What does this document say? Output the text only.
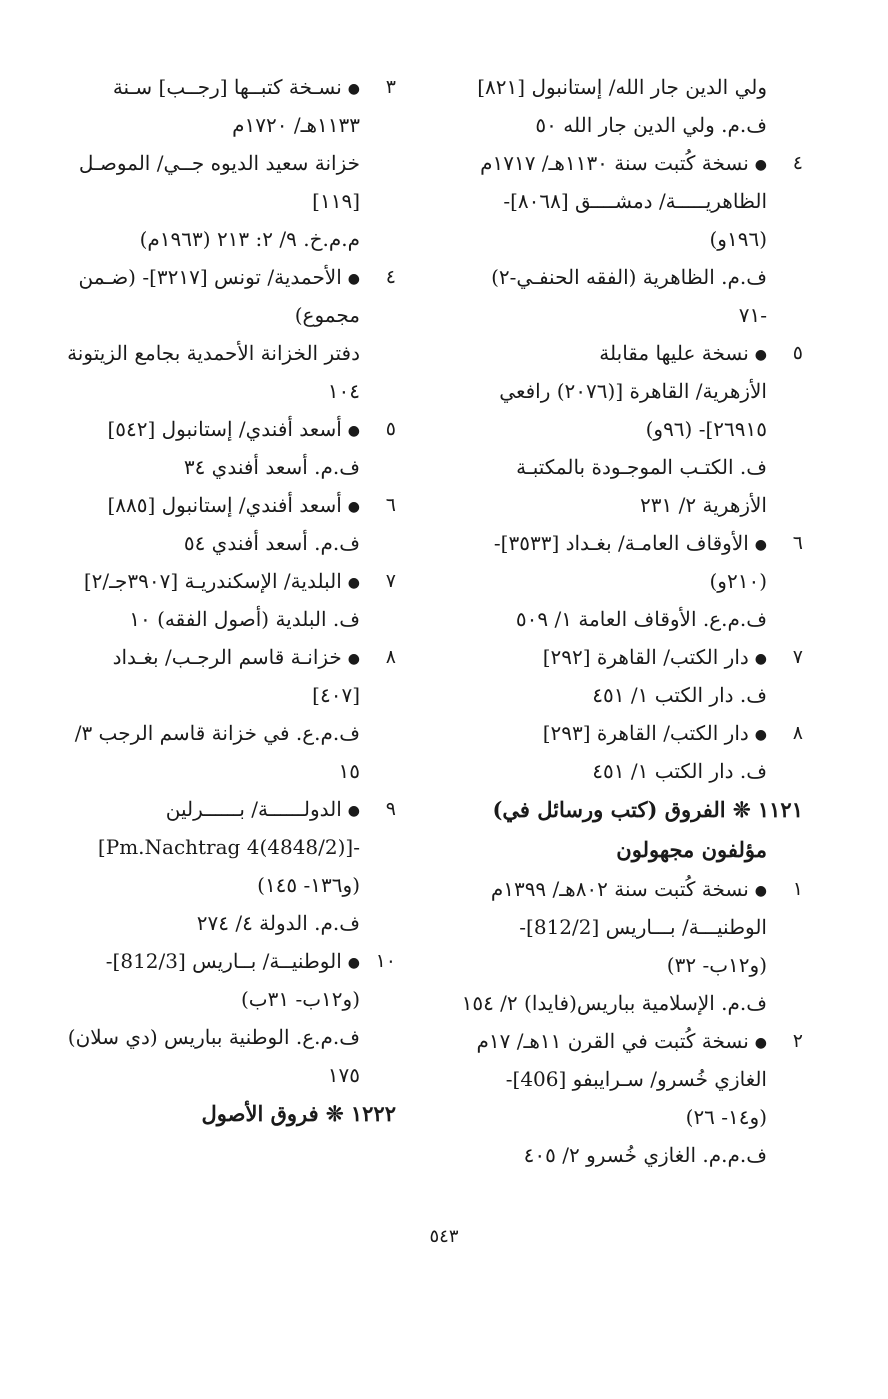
ولي الدين جار الله/ إستانبول [٨٢١]
ف.م. ولي الدين جار الله ٥٠
٤
●نسخة كُتبت سنة ١١٣٠هـ/ ١٧١٧م
الظاهريـــــة/ دمشــــق [٨٠٦٨]-
(١٩٦و)
ف.م. الظاهرية (الفقه الحنفـي-٢)
-٧١
٥
●نسخة عليها مقابلة
الأزهرية/ القاهرة [(٢٠٧٦) رافعي
٢٦٩١٥]- (٩٦و)
ف. الكتـب الموجـودة بالمكتبـة
الأزهرية ٢/ ٢٣١
٦
●الأوقاف العامـة/ بغـداد [٣٥٣٣]-
(٢١٠و)
ف.م.ع. الأوقاف العامة ١/ ٥٠٩
٧
●دار الكتب/ القاهرة [٢٩٢]
ف. دار الكتب ١/ ٤٥١
٨
●دار الكتب/ القاهرة [٢٩٣]
ف. دار الكتب ١/ ٤٥١
١١٢١ ❊ الفروق (كتب ورسائل في)
مؤلفون مجهولون
١
●نسخة كُتبت سنة ٨٠٢هـ/ ١٣٩٩م
الوطنيـــة/ بـــاريس [812/2]-
(و١٢ب- ٣٢)
ف.م. الإسلامية بباريس(فايدا) ٢/ ١٥٤
٢
●نسخة كُتبت في القرن ١١هـ/ ١٧م
الغازي خُسرو/ سـرايبفو [406]-
(و١٤- ٢٦)
ف.م.م. الغازي خُسرو ٢/ ٤٠٥
٣
●نسـخة كتبــها [رجــب] سـنة
١١٣٣هـ/ ١٧٢٠م
خزانة سعيد الديوه جــي/ الموصـل
[١١٩]
م.م.خ. ٩/ ٢: ٢١٣ (١٩٦٣م)
٤
●الأحمدية/ تونس [٣٢١٧]- (ضـمن
مجموع)
دفتر الخزانة الأحمدية بجامع الزيتونة
١٠٤
٥
●أسعد أفندي/ إستانبول [٥٤٢]
ف.م. أسعد أفندي ٣٤
٦
●أسعد أفندي/ إستانبول [٨٨٥]
ف.م. أسعد أفندي ٥٤
٧
●البلدية/ الإسكندريـة [٣٩٠٧جـ/٢]
ف. البلدية (أصول الفقه) ١٠
٨
●خزانـة قاسم الرجـب/ بغـداد
[٤٠٧]
ف.م.ع. في خزانة قاسم الرجب ٣/
١٥
٩
●الدولــــــة/ بــــــرلين
-[(4848/2)Pm.Nachtrag 4]
(و١٣٦- ١٤٥)
ف.م. الدولة ٤/ ٢٧٤
١٠
●الوطنيــة/ بــاريس [812/3]-
(و١٢ب- ٣١ب)
ف.م.ع. الوطنية بباريس (دي سلان)
١٧٥
١٢٢٢ ❊ فروق الأصول
٥٤٣
